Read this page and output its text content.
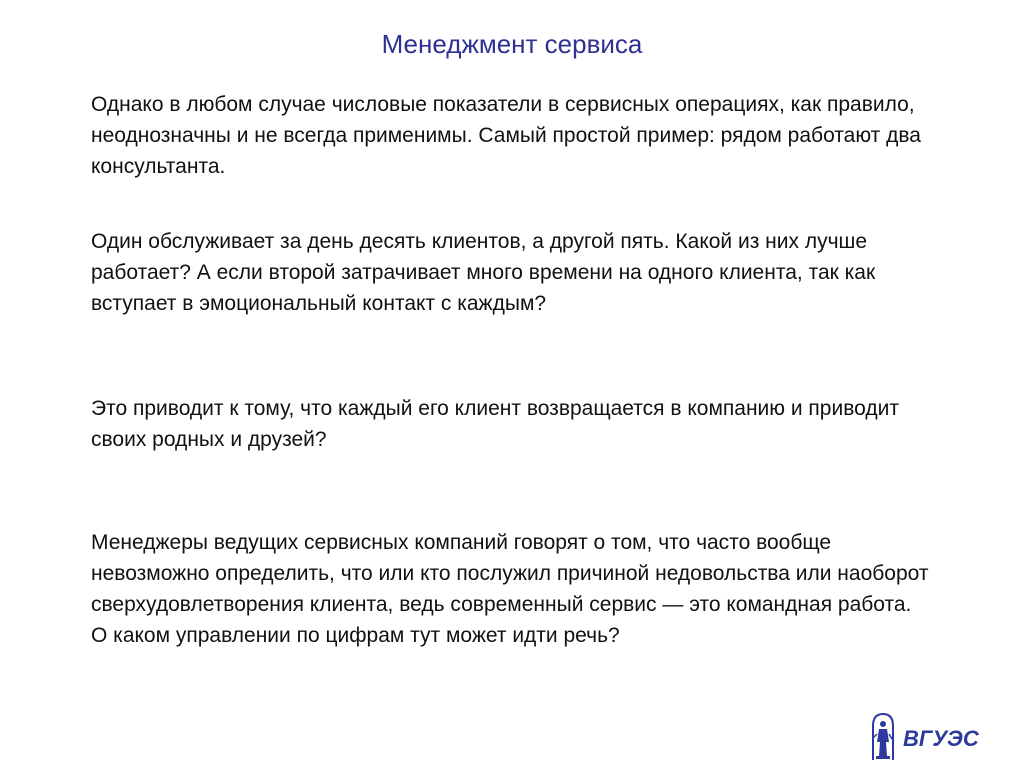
Менеджмент сервиса

Однако в любом случае числовые показатели в сервисных операциях, как правило, неоднозначны и не всегда применимы. Самый простой пример: рядом работают два консультанта.

Один обслуживает за день десять клиентов, а другой пять. Какой из них лучше работает? А если второй затрачивает много времени на одного клиента, так как вступает в эмоциональный контакт с каждым?

Это приводит к тому, что каждый его клиент возвращается в компанию и приводит своих родных и друзей?

Менеджеры ведущих сервисных компаний говорят о том, что часто вообще невозможно определить, что или кто послужил причиной недовольства или наоборот сверхудовлетворения клиента, ведь современный сервис — это командная работа. О каком управлении по цифрам тут может идти речь?

ВГУЭС
